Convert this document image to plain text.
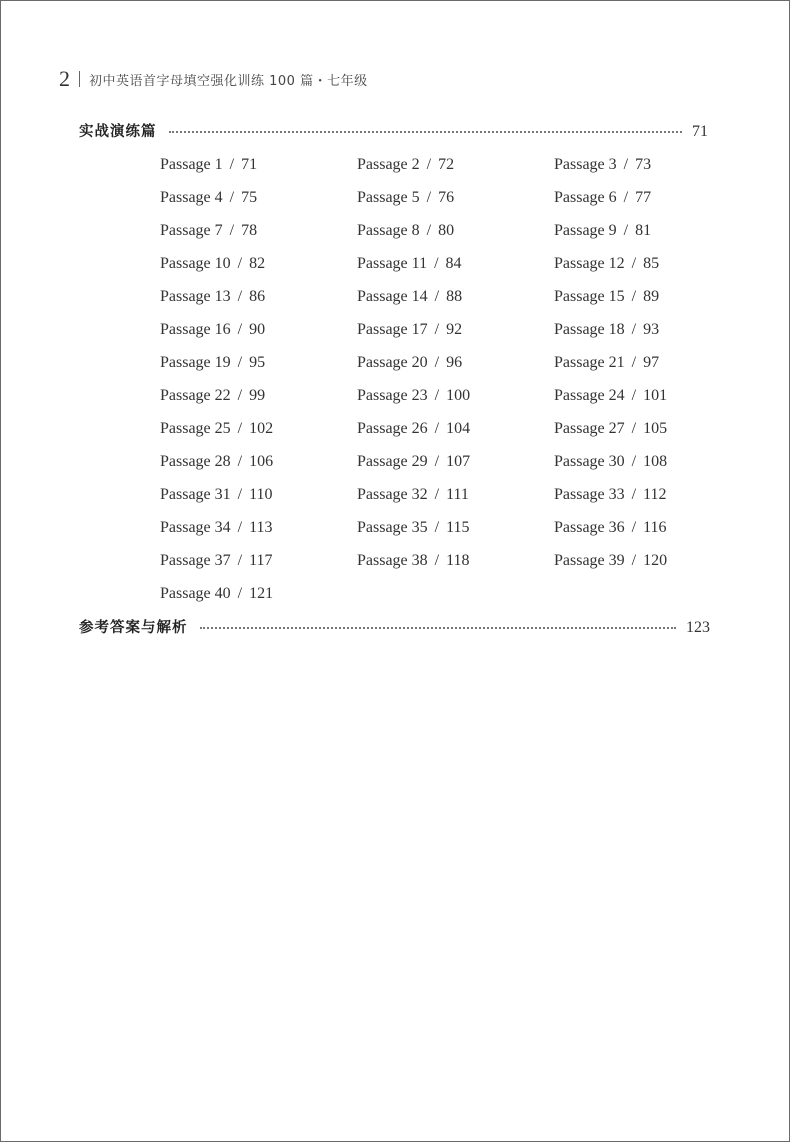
2 初中英语首字母填空强化训练 100 篇・七年级
实战演练篇	71
Passage 1 / 71	Passage 2 / 72	Passage 3 / 73
Passage 4 / 75	Passage 5 / 76	Passage 6 / 77
Passage 7 / 78	Passage 8 / 80	Passage 9 / 81
Passage 10 / 82	Passage 11 / 84	Passage 12 / 85
Passage 13 / 86	Passage 14 / 88	Passage 15 / 89
Passage 16 / 90	Passage 17 / 92	Passage 18 / 93
Passage 19 / 95	Passage 20 / 96	Passage 21 / 97
Passage 22 / 99	Passage 23 / 100	Passage 24 / 101
Passage 25 / 102	Passage 26 / 104	Passage 27 / 105
Passage 28 / 106	Passage 29 / 107	Passage 30 / 108
Passage 31 / 110	Passage 32 / 111	Passage 33 / 112
Passage 34 / 113	Passage 35 / 115	Passage 36 / 116
Passage 37 / 117	Passage 38 / 118	Passage 39 / 120
Passage 40 / 121
参考答案与解析	123
